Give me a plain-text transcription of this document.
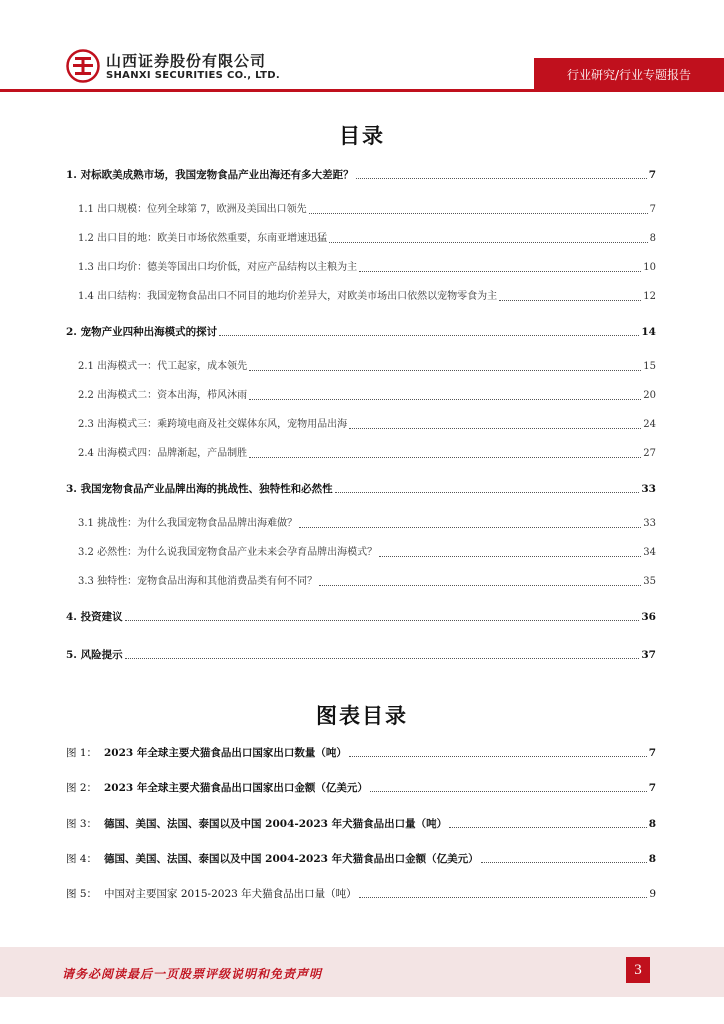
山西证券股份有限公司
SHANXI SECURITIES CO., LTD.	行业研究/行业专题报告
目录
1. 对标欧美成熟市场，我国宠物食品产业出海还有多大差距？	7
1.1 出口规模：位列全球第 7，欧洲及美国出口领先	7
1.2 出口目的地：欧美日市场依然重要，东南亚增速迅猛	8
1.3 出口均价：德美等国出口均价低，对应产品结构以主粮为主	10
1.4 出口结构：我国宠物食品出口不同目的地均价差异大，对欧美市场出口依然以宠物零食为主	12
2. 宠物产业四种出海模式的探讨	14
2.1 出海模式一：代工起家，成本领先	15
2.2 出海模式二：资本出海，栉风沐雨	20
2.3 出海模式三：乘跨境电商及社交媒体东风，宠物用品出海	24
2.4 出海模式四：品牌渐起，产品制胜	27
3. 我国宠物食品产业品牌出海的挑战性、独特性和必然性	33
3.1 挑战性：为什么我国宠物食品品牌出海难做？	33
3.2 必然性：为什么说我国宠物食品产业未来会孕育品牌出海模式？	34
3.3 独特性：宠物食品出海和其他消费品类有何不同？	35
4. 投资建议	36
5. 风险提示	37
图表目录
图 1： 2023 年全球主要犬猫食品出口国家出口数量（吨）	7
图 2： 2023 年全球主要犬猫食品出口国家出口金额（亿美元）	7
图 3： 德国、美国、法国、泰国以及中国 2004-2023 年犬猫食品出口量（吨）	8
图 4： 德国、美国、法国、泰国以及中国 2004-2023 年犬猫食品出口金额（亿美元）	8
图 5： 中国对主要国家 2015-2023 年犬猫食品出口量（吨）	9
请务必阅读最后一页股票评级说明和免责声明	3
